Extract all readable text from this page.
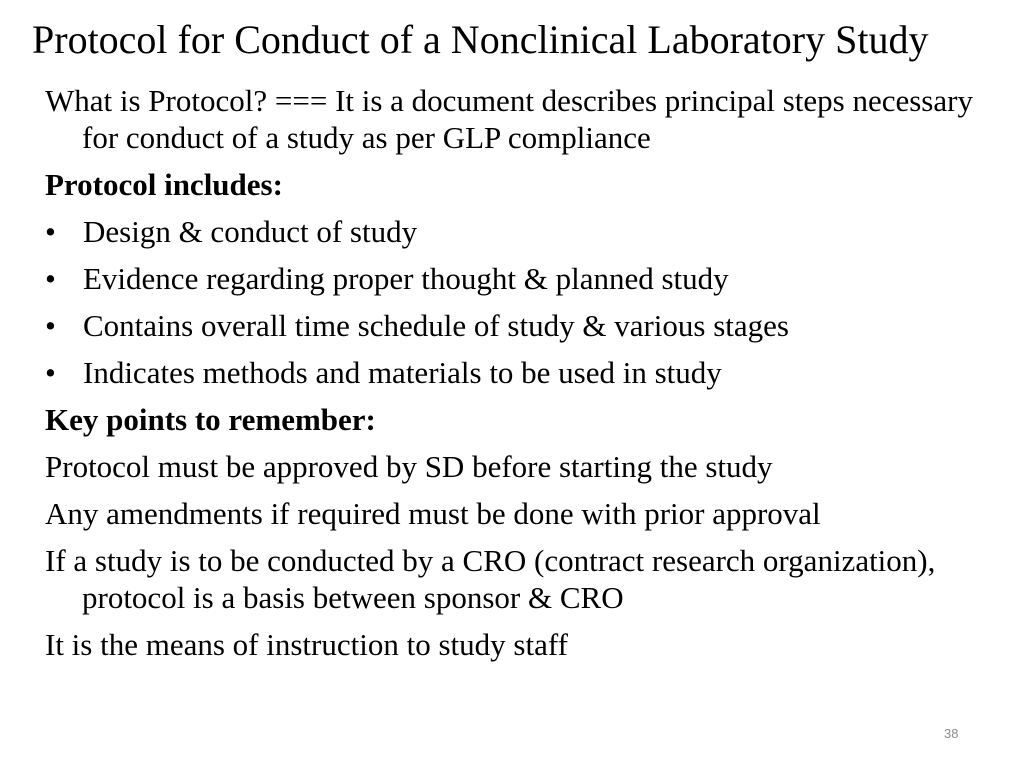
Protocol for Conduct of a Nonclinical Laboratory Study

What is Protocol? === It is a document describes principal steps necessary for conduct of a study as per GLP compliance

Protocol includes:

• Design & conduct of study
• Evidence regarding proper thought & planned study
• Contains overall time schedule of study & various stages
• Indicates methods and materials to be used in study

Key points to remember:

Protocol must be approved by SD before starting the study

Any amendments if required must be done with prior approval

If a study is to be conducted by a CRO (contract research organization), protocol is a basis between sponsor & CRO

It is the means of instruction to study staff

38
